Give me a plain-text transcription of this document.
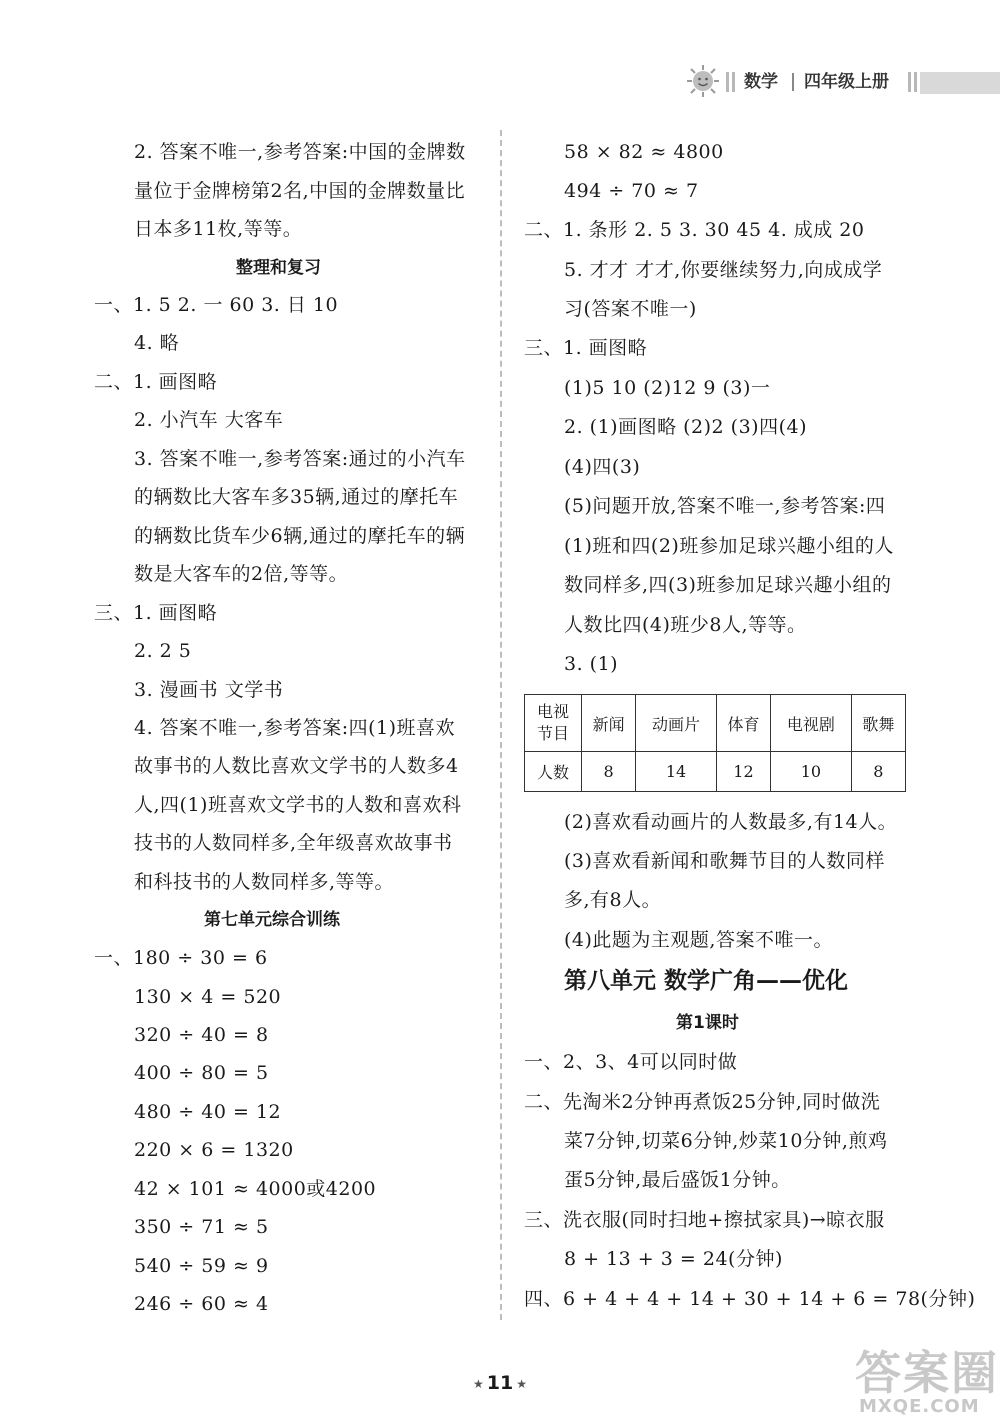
数学 四年级上册
2. 答案不唯一,参考答案:中国的金牌数
量位于金牌榜第2名,中国的金牌数量比
日本多11枚,等等。
整理和复习
一、1. 5 2. 一 60 3. 日 10
4. 略
二、1. 画图略
2. 小汽车 大客车
3. 答案不唯一,参考答案:通过的小汽车
的辆数比大客车多35辆,通过的摩托车
的辆数比货车少6辆,通过的摩托车的辆
数是大客车的2倍,等等。
三、1. 画图略
2. 2 5
3. 漫画书 文学书
4. 答案不唯一,参考答案:四(1)班喜欢
故事书的人数比喜欢文学书的人数多4
人,四(1)班喜欢文学书的人数和喜欢科
技书的人数同样多,全年级喜欢故事书
和科技书的人数同样多,等等。
第七单元综合训练
一、180 ÷ 30 = 6
130 × 4 = 520
320 ÷ 40 = 8
400 ÷ 80 = 5
480 ÷ 40 = 12
220 × 6 = 1320
42 × 101 ≈ 4000或4200
350 ÷ 71 ≈ 5
540 ÷ 59 ≈ 9
246 ÷ 60 ≈ 4
58 × 82 ≈ 4800
494 ÷ 70 ≈ 7
二、1. 条形 2. 5 3. 30 45 4. 成成 20
5. 才才 才才,你要继续努力,向成成学
习(答案不唯一)
三、1. 画图略
(1)5 10 (2)12 9 (3)一
2. (1)画图略 (2)2 (3)四(4)
(4)四(3)
(5)问题开放,答案不唯一,参考答案:四
(1)班和四(2)班参加足球兴趣小组的人
数同样多,四(3)班参加足球兴趣小组的
人数比四(4)班少8人,等等。
3. (1)
电视
节目	新闻	动画片	体育	电视剧	歌舞
人数	8	14	12	10	8
(2)喜欢看动画片的人数最多,有14人。
(3)喜欢看新闻和歌舞节目的人数同样
多,有8人。
(4)此题为主观题,答案不唯一。
第八单元 数学广角——优化
第1课时
一、2、3、4可以同时做
二、先淘米2分钟再煮饭25分钟,同时做洗
菜7分钟,切菜6分钟,炒菜10分钟,煎鸡
蛋5分钟,最后盛饭1分钟。
三、洗衣服(同时扫地+擦拭家具)→晾衣服
8 + 13 + 3 = 24(分钟)
四、6 + 4 + 4 + 14 + 30 + 14 + 6 = 78(分钟)
★ 11 ★	答案圈
MXQE.COM
